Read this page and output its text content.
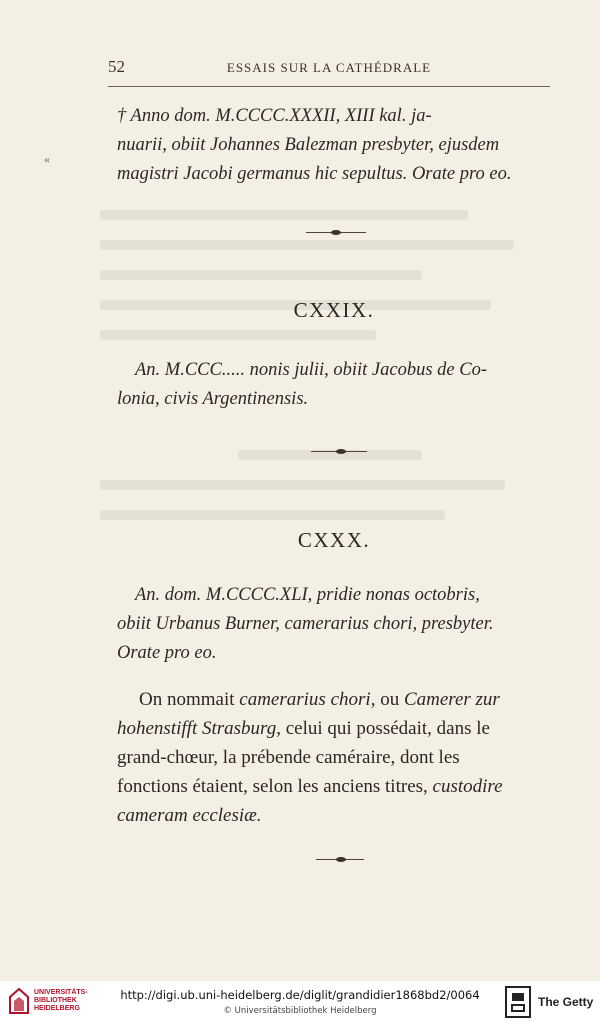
52	ESSAIS SUR LA CATHÉDRALE
«
† Anno dom. M.CCCC.XXXII, XIII kal. ja-
nuarii, obiit Johannes Balezman presbyter, ejusdem
magistri Jacobi germanus hic sepultus. Orate pro eo.
CXXIX.
An. M.CCC..... nonis julii, obiit Jacobus de Co-
lonia, civis Argentinensis.
CXXX.
An. dom. M.CCCC.XLI, pridie nonas octobris,
obiit Urbanus Burner, camerarius chori, presbyter.
Orate pro eo.
On nommait camerarius chori, ou Camerer zur
hohenstifft Strasburg, celui qui possédait, dans le
grand-chœur, la prébende caméraire, dont les
fonctions étaient, selon les anciens titres, custodire
cameram ecclesiæ.
UNIVERSITÄTS-
BIBLIOTHEK
HEIDELBERG
http://digi.ub.uni-heidelberg.de/diglit/grandidier1868bd2/0064
© Universitätsbibliothek Heidelberg
The Getty
